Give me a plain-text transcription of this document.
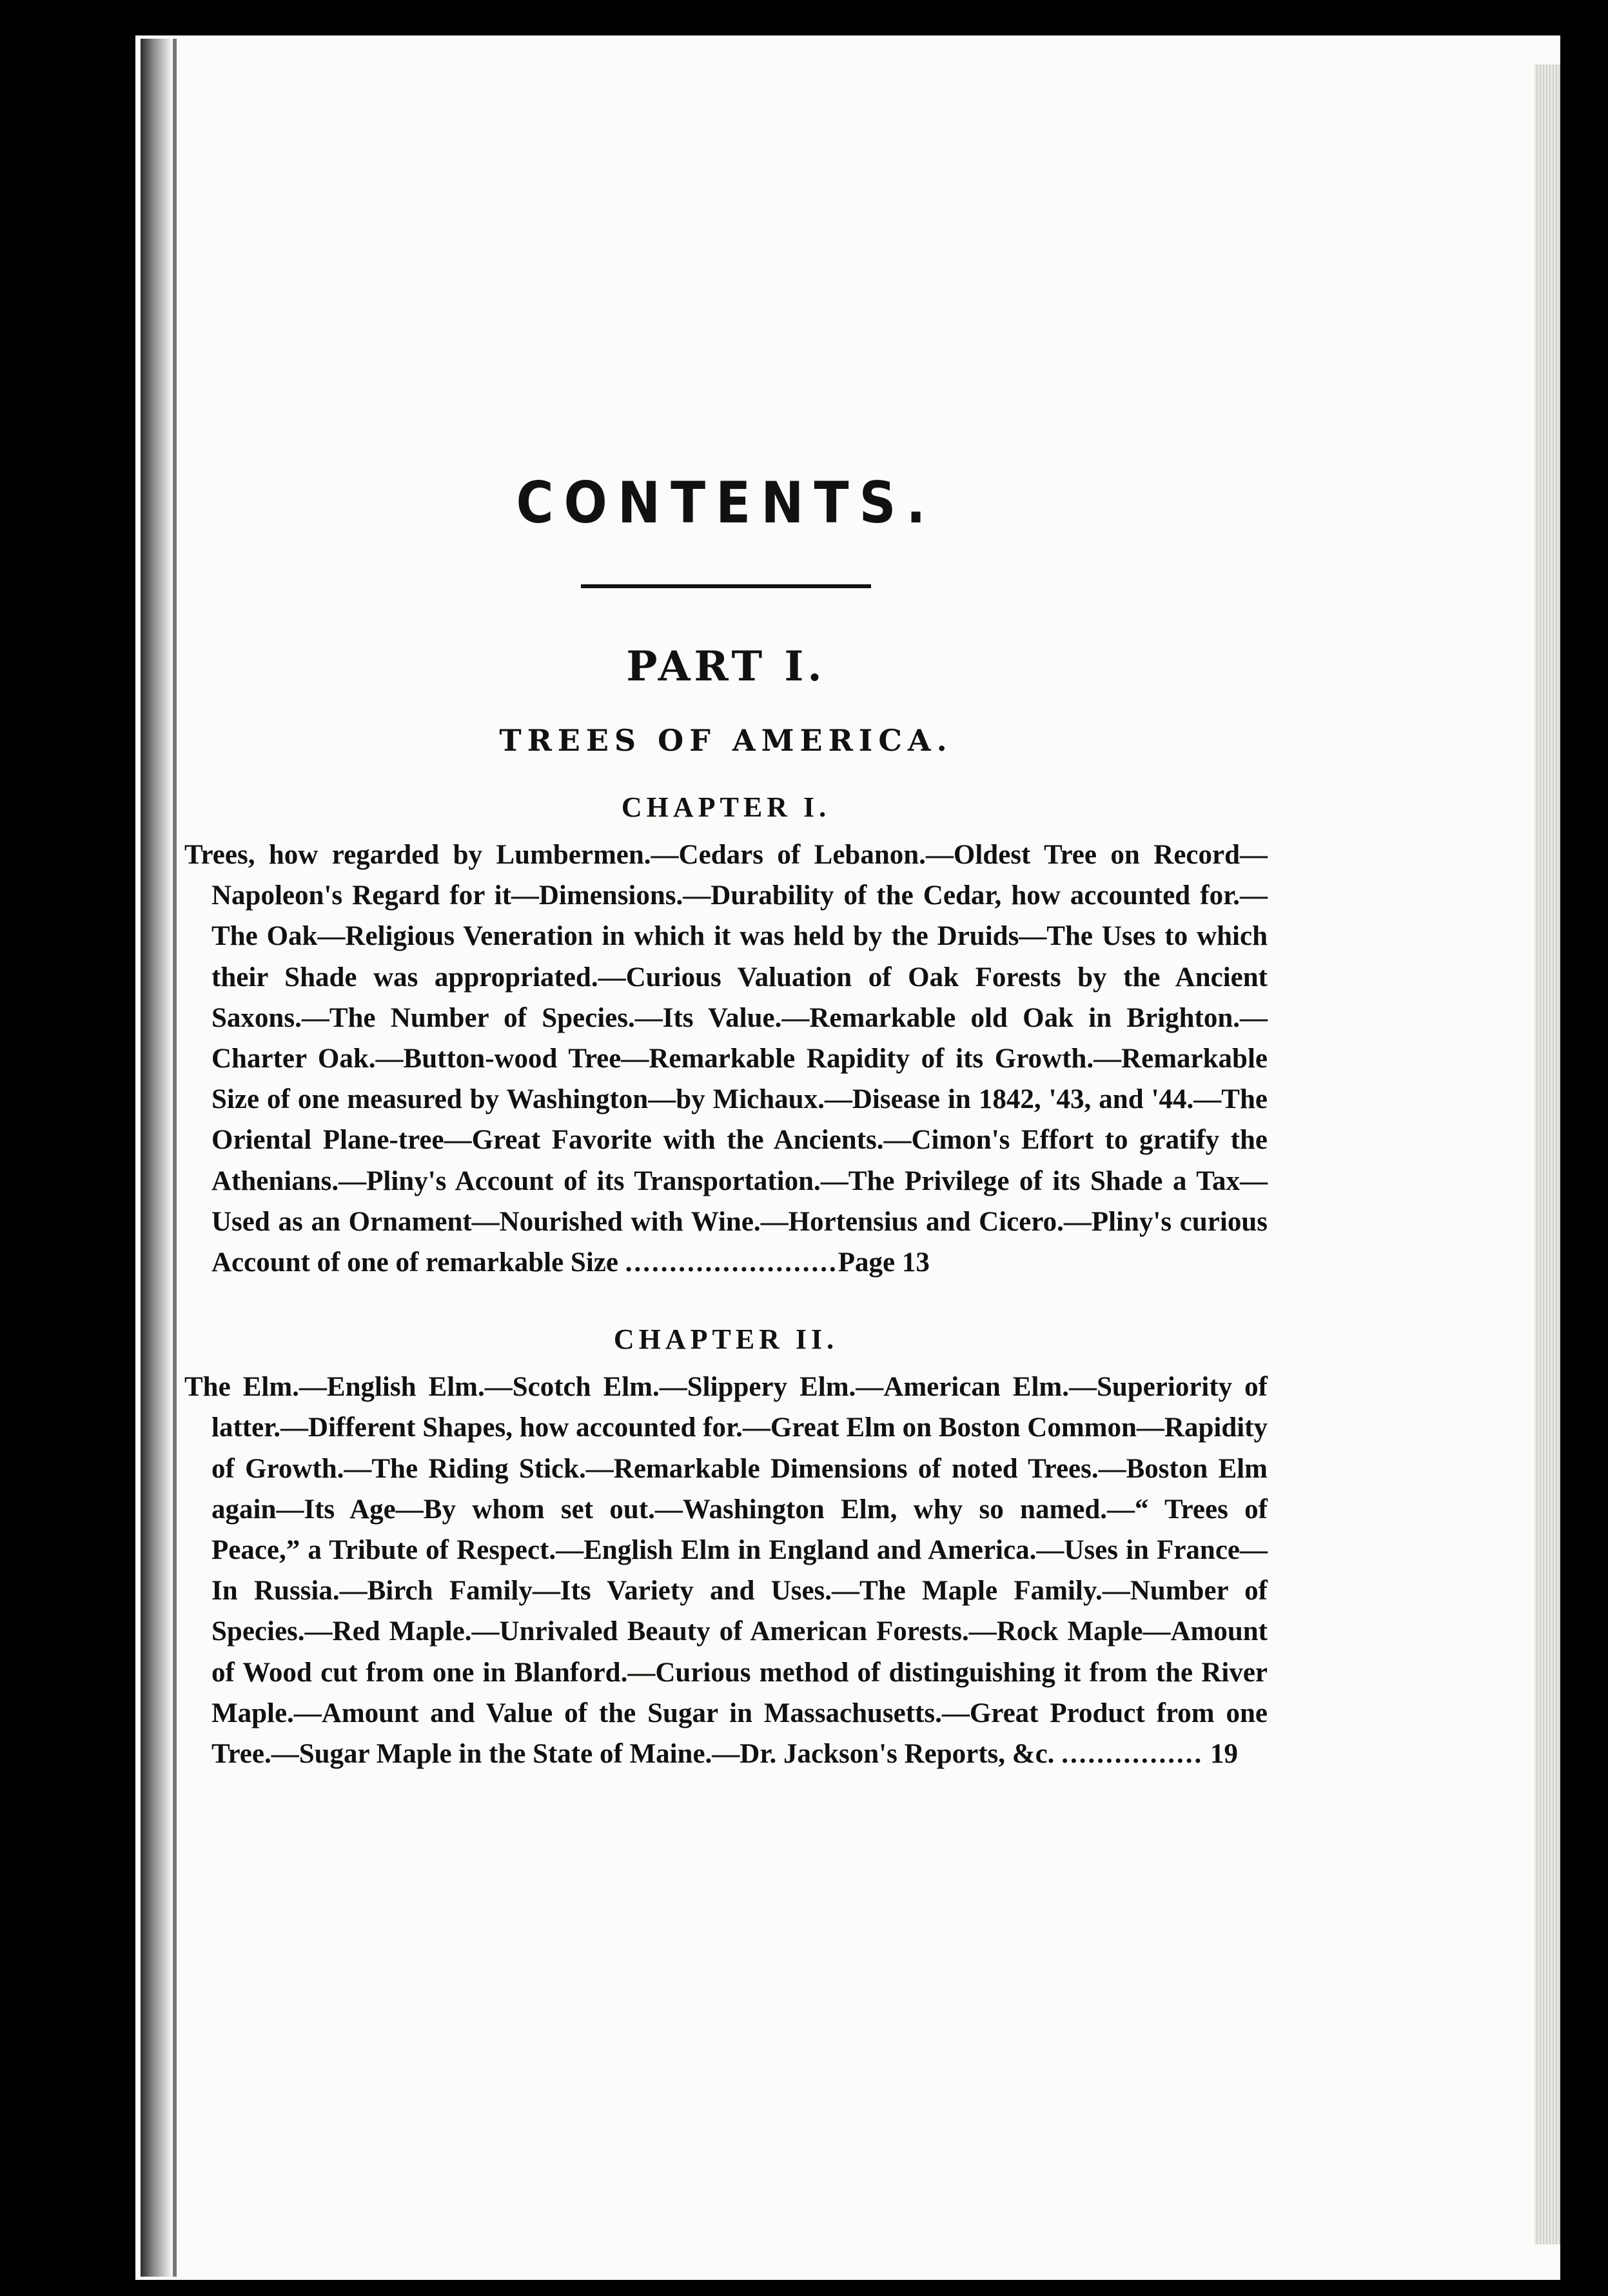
CONTENTS.
PART I.
TREES OF AMERICA.
CHAPTER I.

Trees, how regarded by Lumbermen.—Cedars of Lebanon.—Oldest Tree on Record—Napoleon's Regard for it—Dimensions.—Durability of the Cedar, how accounted for.—The Oak—Religious Veneration in which it was held by the Druids—The Uses to which their Shade was appropriated.—Curious Valuation of Oak Forests by the Ancient Saxons.—The Number of Species.—Its Value.—Remarkable old Oak in Brighton.—Charter Oak.—Button-wood Tree—Remarkable Rapidity of its Growth.—Remarkable Size of one measured by Washington—by Michaux.—Disease in 1842, '43, and '44.—The Oriental Plane-tree—Great Favorite with the Ancients.—Cimon's Effort to gratify the Athenians.—Pliny's Account of its Transportation.—The Privilege of its Shade a Tax—Used as an Ornament—Nourished with Wine.—Hortensius and Cicero.—Pliny's curious Account of one of remarkable Size ........................Page 13

CHAPTER II.

The Elm.—English Elm.—Scotch Elm.—Slippery Elm.—American Elm.—Superiority of latter.—Different Shapes, how accounted for.—Great Elm on Boston Common—Rapidity of Growth.—The Riding Stick.—Remarkable Dimensions of noted Trees.—Boston Elm again—Its Age—By whom set out.—Washington Elm, why so named.—“ Trees of Peace,” a Tribute of Respect.—English Elm in England and America.—Uses in France—In Russia.—Birch Family—Its Variety and Uses.—The Maple Family.—Number of Species.—Red Maple.—Unrivaled Beauty of American Forests.—Rock Maple—Amount of Wood cut from one in Blanford.—Curious method of distinguishing it from the River Maple.—Amount and Value of the Sugar in Massachusetts.—Great Product from one Tree.—Sugar Maple in the State of Maine.—Dr. Jackson's Reports, &c. ................ 19
